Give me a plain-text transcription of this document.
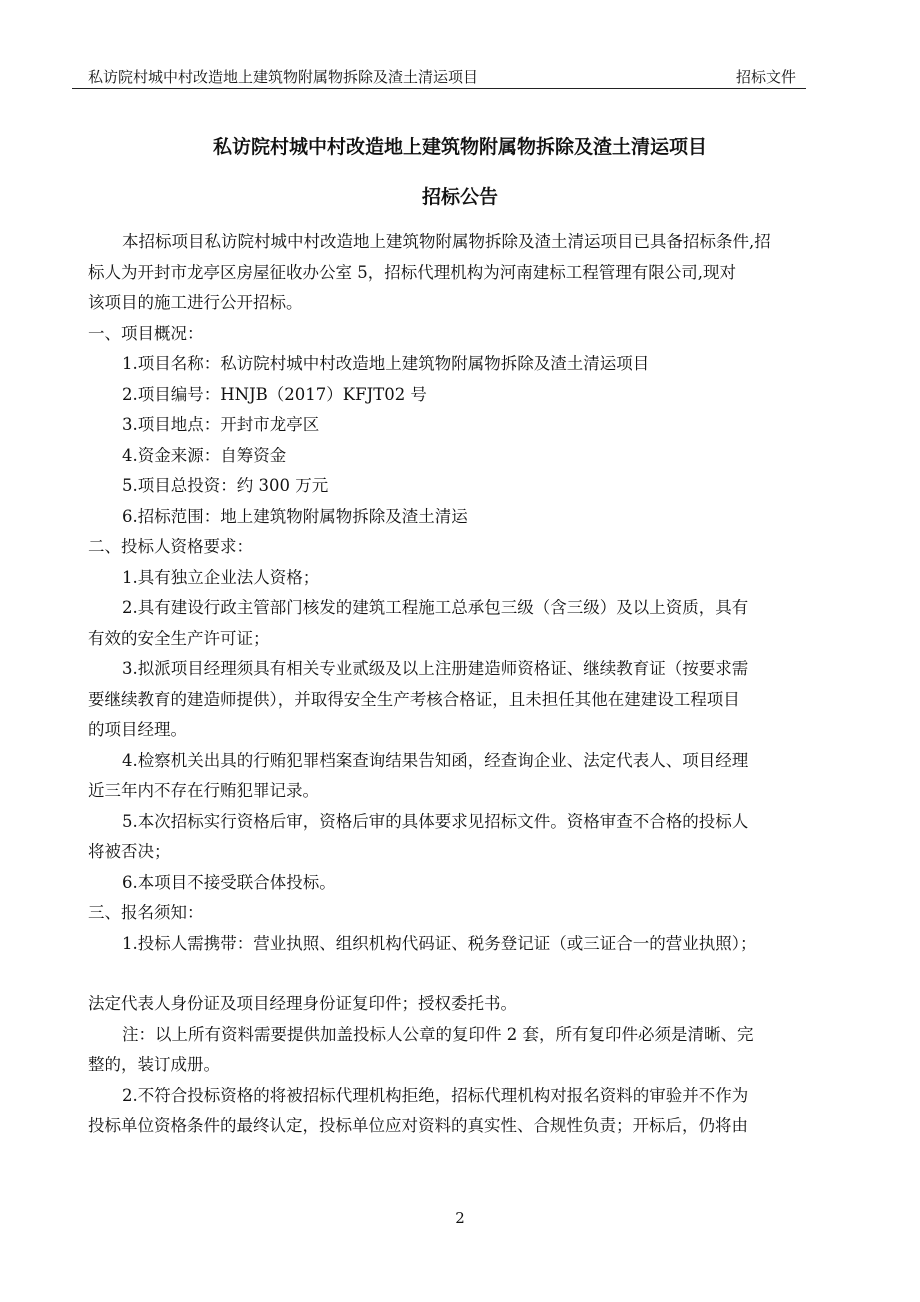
私访院村城中村改造地上建筑物附属物拆除及渣土清运项目	招标文件
私访院村城中村改造地上建筑物附属物拆除及渣土清运项目
招标公告

本招标项目私访院村城中村改造地上建筑物附属物拆除及渣土清运项目已具备招标条件,招

标人为开封市龙亭区房屋征收办公室 5，招标代理机构为河南建标工程管理有限公司,现对

该项目的施工进行公开招标。

一、项目概况：

1.项目名称：私访院村城中村改造地上建筑物附属物拆除及渣土清运项目

2.项目编号：HNJB（2017）KFJT02 号

3.项目地点：开封市龙亭区

4.资金来源：自筹资金

5.项目总投资：约 300 万元

6.招标范围：地上建筑物附属物拆除及渣土清运

二、投标人资格要求：

1.具有独立企业法人资格；

2.具有建设行政主管部门核发的建筑工程施工总承包三级（含三级）及以上资质，具有

有效的安全生产许可证；

3.拟派项目经理须具有相关专业贰级及以上注册建造师资格证、继续教育证（按要求需

要继续教育的建造师提供），并取得安全生产考核合格证，且未担任其他在建建设工程项目

的项目经理。

4.检察机关出具的行贿犯罪档案查询结果告知函，经查询企业、法定代表人、项目经理

近三年内不存在行贿犯罪记录。

5.本次招标实行资格后审，资格后审的具体要求见招标文件。资格审查不合格的投标人

将被否决；

6.本项目不接受联合体投标。

三、报名须知：

1.投标人需携带：营业执照、组织机构代码证、税务登记证（或三证合一的营业执照）；

法定代表人身份证及项目经理身份证复印件；授权委托书。

注：以上所有资料需要提供加盖投标人公章的复印件 2 套，所有复印件必须是清晰、完

整的，装订成册。

2.不符合投标资格的将被招标代理机构拒绝，招标代理机构对报名资料的审验并不作为

投标单位资格条件的最终认定，投标单位应对资料的真实性、合规性负责；开标后，仍将由

2
